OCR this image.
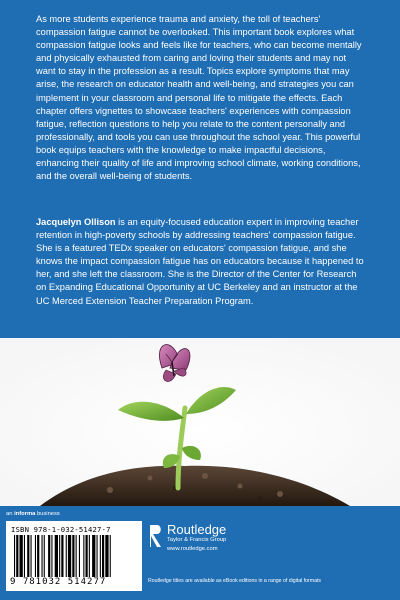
As more students experience trauma and anxiety, the toll of teachers' compassion fatigue cannot be overlooked. This important book explores what compassion fatigue looks and feels like for teachers, who can become mentally and physically exhausted from caring and loving their students and may not want to stay in the profession as a result. Topics explore symptoms that may arise, the research on educator health and well-being, and strategies you can implement in your classroom and personal life to mitigate the effects. Each chapter offers vignettes to showcase teachers' experiences with compassion fatigue, reflection questions to help you relate to the content personally and professionally, and tools you can use throughout the school year. This powerful book equips teachers with the knowledge to make impactful decisions, enhancing their quality of life and improving school climate, working conditions, and the overall well-being of students.

Jacquelyn Ollison is an equity-focused education expert in improving teacher retention in high-poverty schools by addressing teachers' compassion fatigue. She is a featured TEDx speaker on educators' compassion fatigue, and she knows the impact compassion fatigue has on educators because it happened to her, and she left the classroom. She is the Director of the Center for Research on Expanding Educational Opportunity at UC Berkeley and an instructor at the UC Merced Extension Teacher Preparation Program.

an informa business
ISBN 978-1-032-51427-7
9 781032 514277
Routledge
Taylor & Francis Group
www.routledge.com
Routledge titles are available as eBook editions in a range of digital formats
